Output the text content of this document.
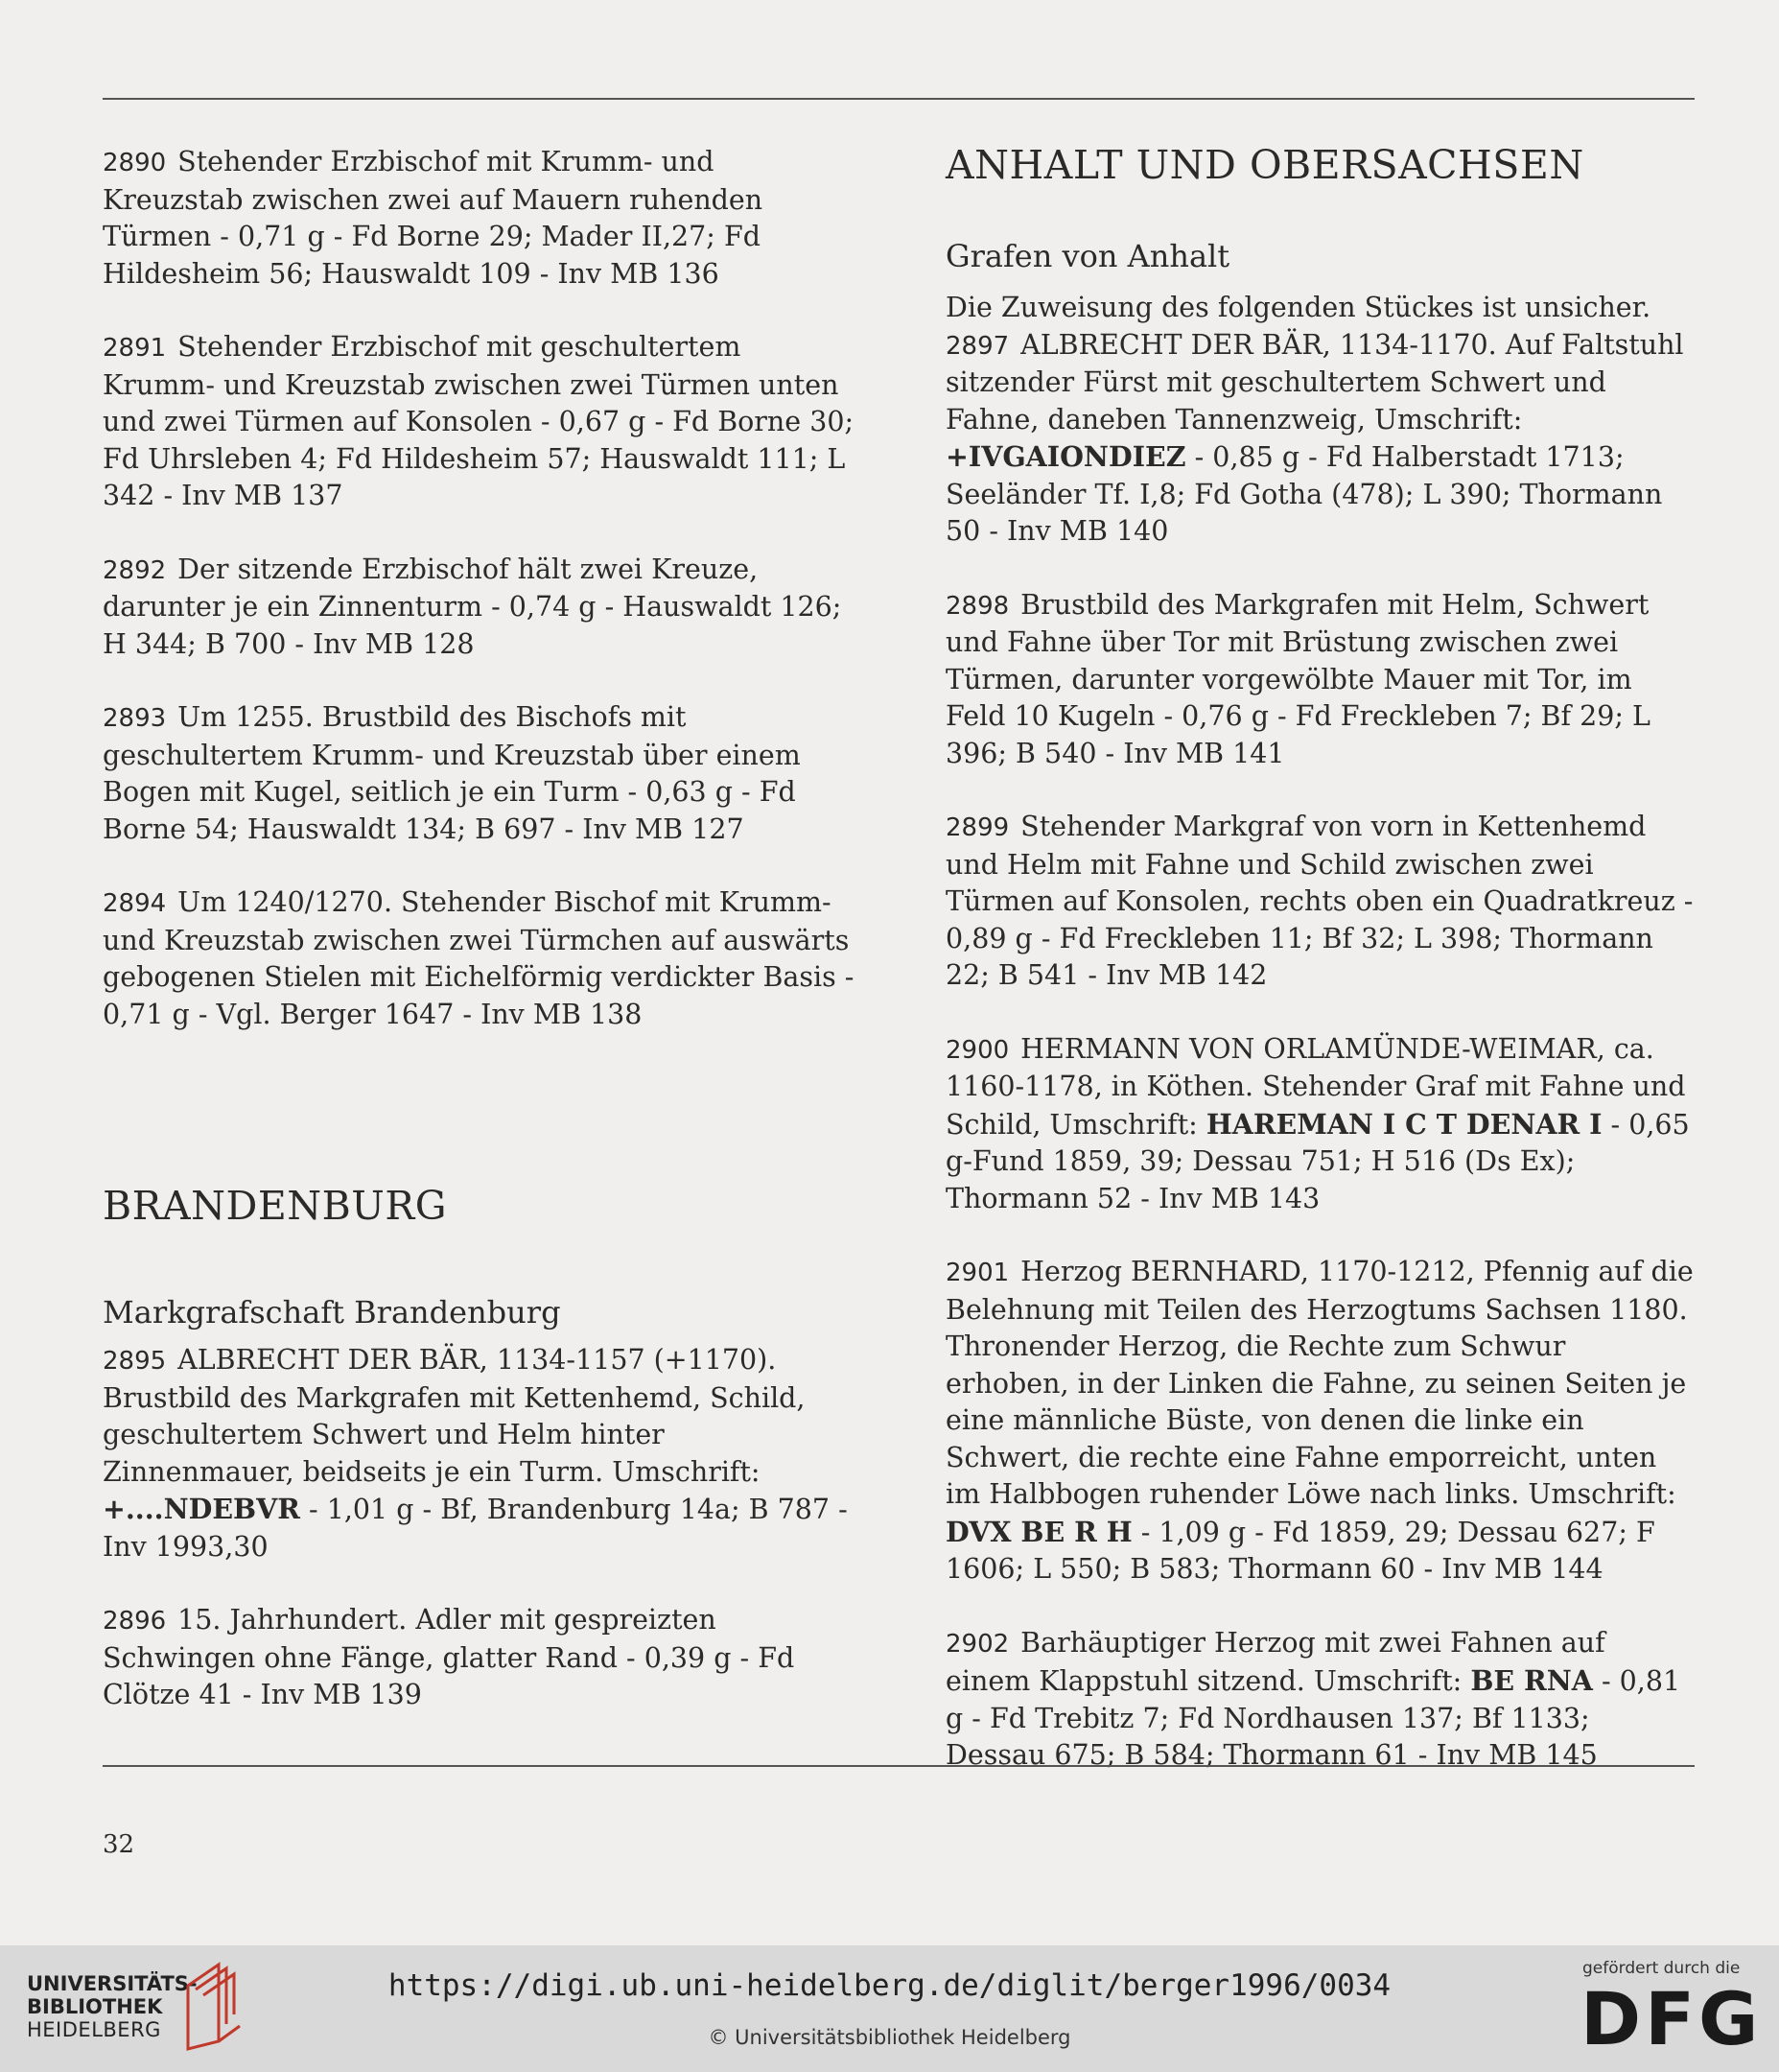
2890 Stehender Erzbischof mit Krumm- und Kreuzstab zwischen zwei auf Mauern ruhenden Türmen - 0,71 g - Fd Borne 29; Mader II,27; Fd Hildesheim 56; Hauswaldt 109 - Inv MB 136

2891 Stehender Erzbischof mit geschultertem Krumm- und Kreuzstab zwischen zwei Türmen unten und zwei Türmen auf Konsolen - 0,67 g - Fd Borne 30; Fd Uhrsleben 4; Fd Hildesheim 57; Hauswaldt 111; L 342 - Inv MB 137

2892 Der sitzende Erzbischof hält zwei Kreuze, darunter je ein Zinnenturm - 0,74 g - Hauswaldt 126; H 344; B 700 - Inv MB 128

2893 Um 1255. Brustbild des Bischofs mit geschultertem Krumm- und Kreuzstab über einem Bogen mit Kugel, seitlich je ein Turm - 0,63 g - Fd Borne 54; Hauswaldt 134; B 697 - Inv MB 127

2894 Um 1240/1270. Stehender Bischof mit Krumm- und Kreuzstab zwischen zwei Türmchen auf auswärts gebogenen Stielen mit Eichelförmig verdickter Basis - 0,71 g - Vgl. Berger 1647 - Inv MB 138

BRANDENBURG
Markgrafschaft Brandenburg

2895 ALBRECHT DER BÄR, 1134-1157 (+1170). Brustbild des Markgrafen mit Kettenhemd, Schild, geschultertem Schwert und Helm hinter Zinnenmauer, beidseits je ein Turm. Umschrift: +....NDEBVR - 1,01 g - Bf, Brandenburg 14a; B 787 - Inv 1993,30

2896 15. Jahrhundert. Adler mit gespreizten Schwingen ohne Fänge, glatter Rand - 0,39 g - Fd Clötze 41 - Inv MB 139

ANHALT UND OBERSACHSEN
Grafen von Anhalt

Die Zuweisung des folgenden Stückes ist unsicher.

2897 ALBRECHT DER BÄR, 1134-1170. Auf Faltstuhl sitzender Fürst mit geschultertem Schwert und Fahne, daneben Tannenzweig, Umschrift: +IVGAIONDIEZ - 0,85 g - Fd Halberstadt 1713; Seeländer Tf. I,8; Fd Gotha (478); L 390; Thormann 50 - Inv MB 140

2898 Brustbild des Markgrafen mit Helm, Schwert und Fahne über Tor mit Brüstung zwischen zwei Türmen, darunter vorgewölbte Mauer mit Tor, im Feld 10 Kugeln - 0,76 g - Fd Freckleben 7; Bf 29; L 396; B 540 - Inv MB 141

2899 Stehender Markgraf von vorn in Kettenhemd und Helm mit Fahne und Schild zwischen zwei Türmen auf Konsolen, rechts oben ein Quadratkreuz - 0,89 g - Fd Freckleben 11; Bf 32; L 398; Thormann 22; B 541 - Inv MB 142

2900 HERMANN VON ORLAMÜNDE-WEIMAR, ca. 1160-1178, in Köthen. Stehender Graf mit Fahne und Schild, Umschrift: HAREMAN I C T DENAR I - 0,65 g-Fund 1859, 39; Dessau 751; H 516 (Ds Ex); Thormann 52 - Inv MB 143

2901 Herzog BERNHARD, 1170-1212, Pfennig auf die Belehnung mit Teilen des Herzogtums Sachsen 1180. Thronender Herzog, die Rechte zum Schwur erhoben, in der Linken die Fahne, zu seinen Seiten je eine männliche Büste, von denen die linke ein Schwert, die rechte eine Fahne emporreicht, unten im Halbbogen ruhender Löwe nach links. Umschrift: DVX BE R H - 1,09 g - Fd 1859, 29; Dessau 627; F 1606; L 550; B 583; Thormann 60 - Inv MB 144

2902 Barhäuptiger Herzog mit zwei Fahnen auf einem Klappstuhl sitzend. Umschrift: BE RNA - 0,81 g - Fd Trebitz 7; Fd Nordhausen 137; Bf 1133; Dessau 675; B 584; Thormann 61 - Inv MB 145

32
UNIVERSITÄTS-
BIBLIOTHEK
HEIDELBERG
https://digi.ub.uni-heidelberg.de/diglit/berger1996/0034
© Universitätsbibliothek Heidelberg
gefördert durch die
DFG
